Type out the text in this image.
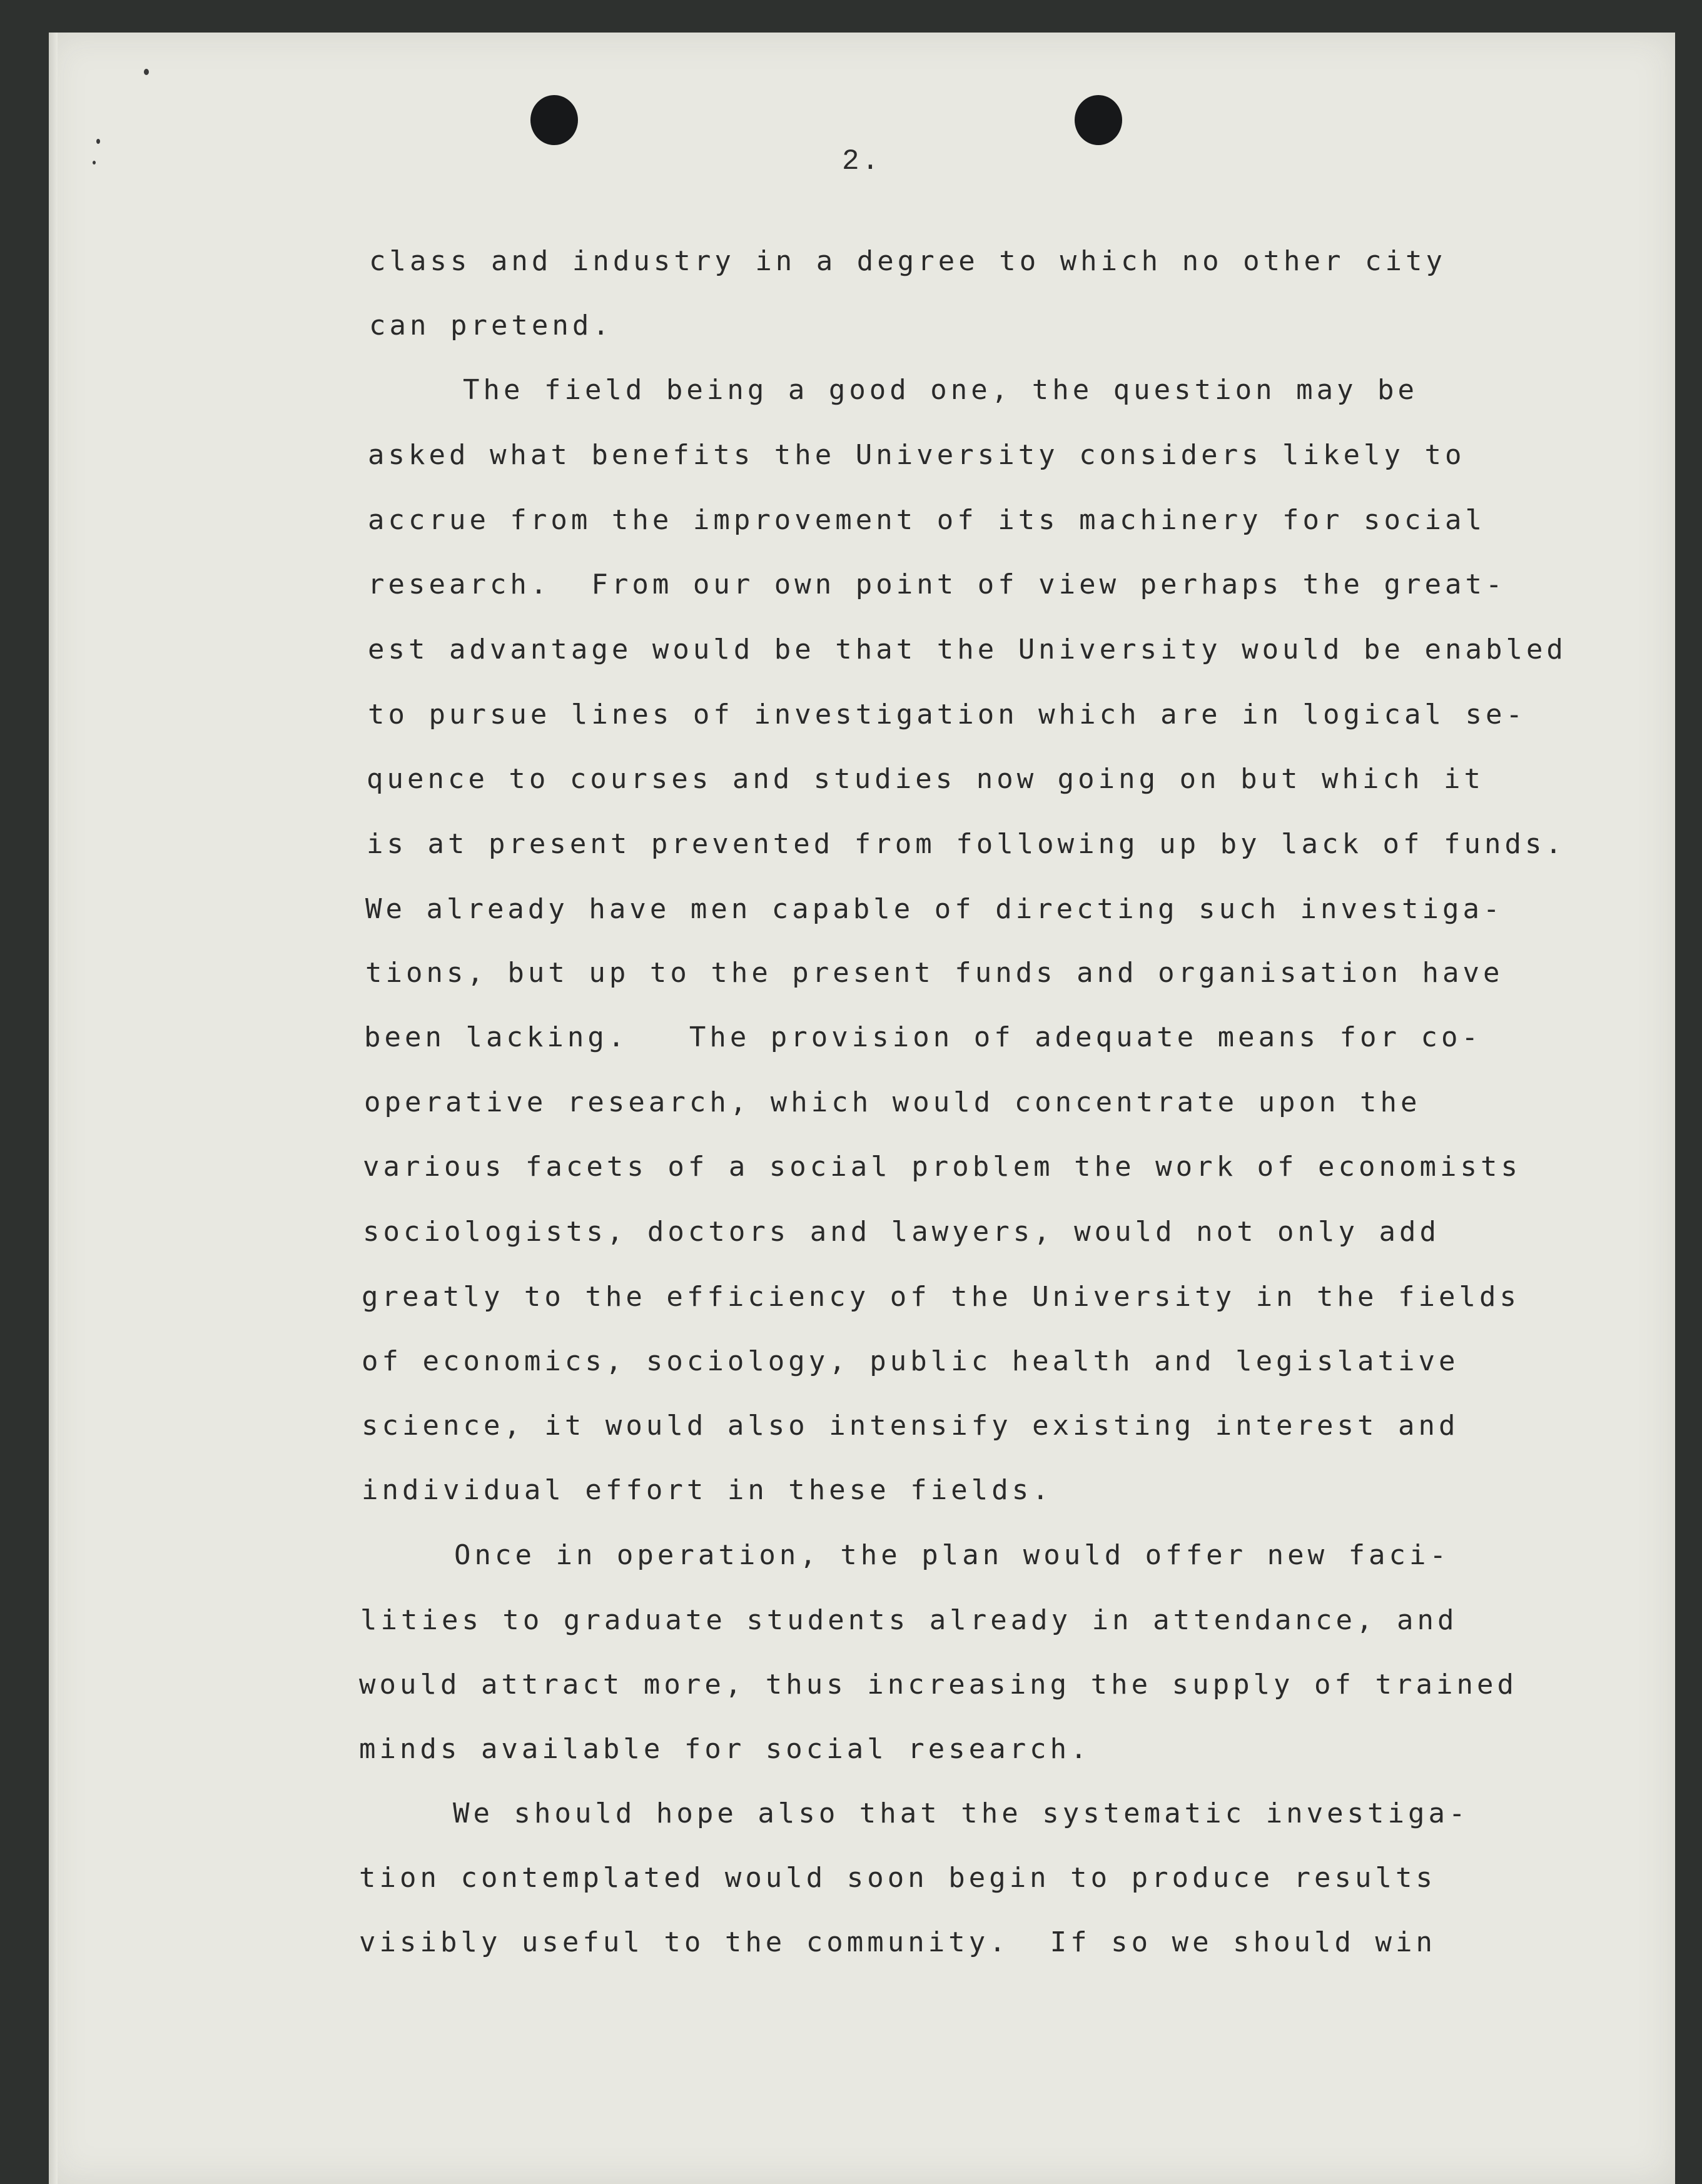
2.

class and industry in a degree to which no other city

can pretend.

The field being a good one, the question may be

asked what benefits the University considers likely to

accrue from the improvement of its machinery for social

research.  From our own point of view perhaps the great-

est advantage would be that the University would be enabled

to pursue lines of investigation which are in logical se-

quence to courses and studies now going on but which it

is at present prevented from following up by lack of funds.

We already have men capable of directing such investiga-

tions, but up to the present funds and organisation have

been lacking.   The provision of adequate means for co-

operative research, which would concentrate upon the

various facets of a social problem the work of economists

sociologists, doctors and lawyers, would not only add

greatly to the efficiency of the University in the fields

of economics, sociology, public health and legislative

science, it would also intensify existing interest and

individual effort in these fields.

Once in operation, the plan would offer new faci-

lities to graduate students already in attendance, and

would attract more, thus increasing the supply of trained

minds available for social research.

We should hope also that the systematic investiga-

tion contemplated would soon begin to produce results

visibly useful to the community.  If so we should win
